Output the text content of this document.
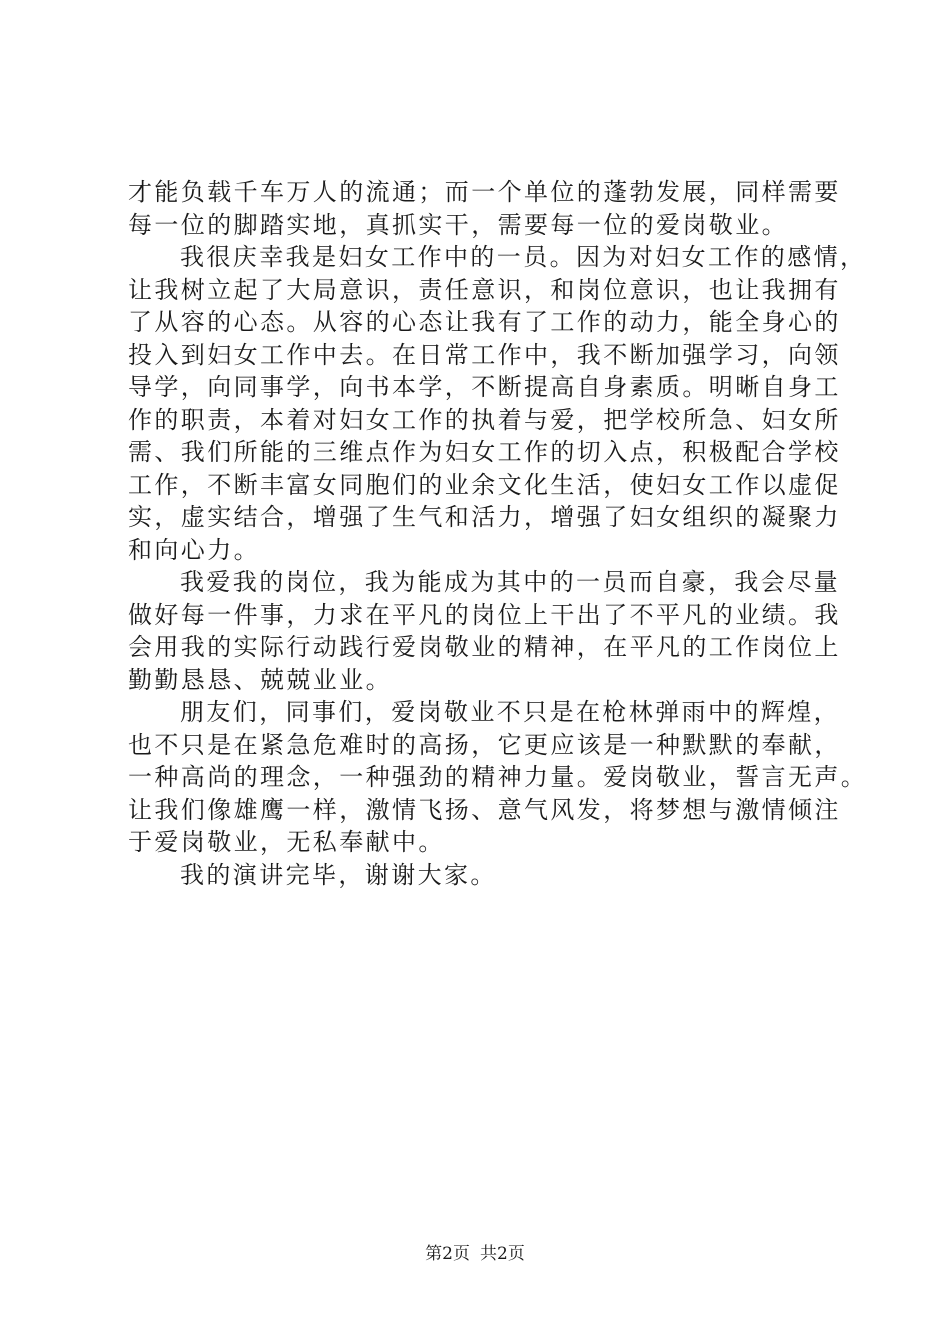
才能负载千车万人的流通；而一个单位的蓬勃发展，同样需要
每一位的脚踏实地，真抓实干，需要每一位的爱岗敬业。
我很庆幸我是妇女工作中的一员。因为对妇女工作的感情，
让我树立起了大局意识，责任意识，和岗位意识，也让我拥有
了从容的心态。从容的心态让我有了工作的动力，能全身心的
投入到妇女工作中去。在日常工作中，我不断加强学习，向领
导学，向同事学，向书本学，不断提高自身素质。明晰自身工
作的职责，本着对妇女工作的执着与爱，把学校所急、妇女所
需、我们所能的三维点作为妇女工作的切入点，积极配合学校
工作，不断丰富女同胞们的业余文化生活，使妇女工作以虚促
实，虚实结合，增强了生气和活力，增强了妇女组织的凝聚力
和向心力。
我爱我的岗位，我为能成为其中的一员而自豪，我会尽量
做好每一件事，力求在平凡的岗位上干出了不平凡的业绩。我
会用我的实际行动践行爱岗敬业的精神，在平凡的工作岗位上
勤勤恳恳、兢兢业业。
朋友们，同事们，爱岗敬业不只是在枪林弹雨中的辉煌，
也不只是在紧急危难时的高扬，它更应该是一种默默的奉献，
一种高尚的理念，一种强劲的精神力量。爱岗敬业，誓言无声。
让我们像雄鹰一样，激情飞扬、意气风发，将梦想与激情倾注
于爱岗敬业，无私奉献中。
我的演讲完毕，谢谢大家。
第2页 共2页
